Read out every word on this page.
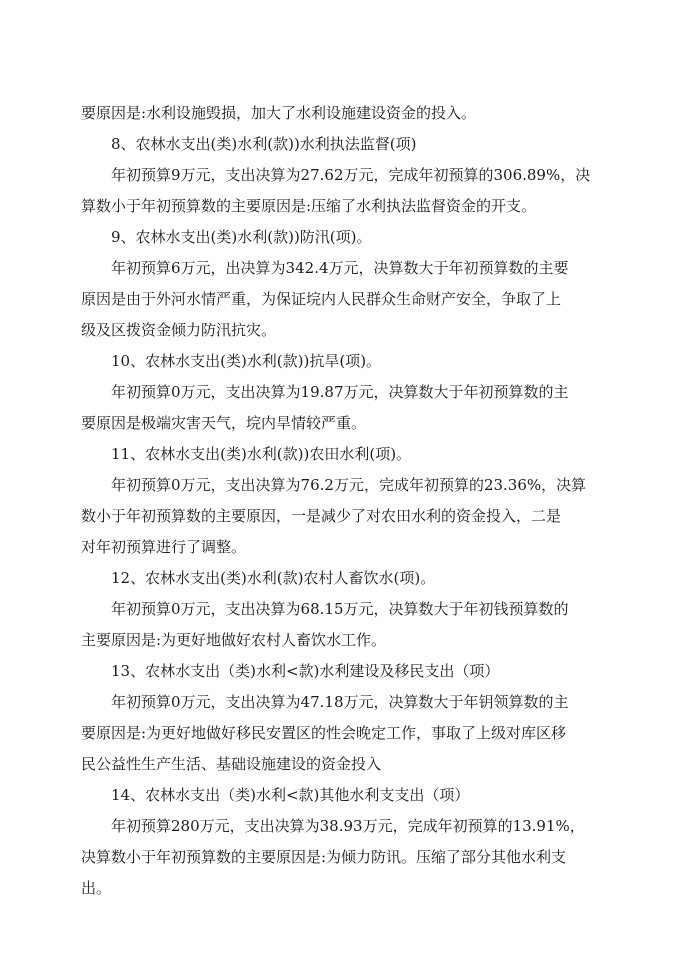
要原因是:水利设施毁损，加大了水利设施建设资金的投入。
8、农林水支出(类)水利(款))水利执法监督(项)
年初预算9万元，支出决算为27.62万元，完成年初预算的306.89%，决
算数小于年初预算数的主要原因是:压缩了水利执法监督资金的开支。
9、农林水支出(类)水利(款))防汛(项)。
年初预算6万元，出决算为342.4万元，决算数大于年初预算数的主要
原因是由于外河水情严重，为保证垸内人民群众生命财产安全，争取了上
级及区拨资金倾力防汛抗灾。
10、农林水支出(类)水利(款))抗旱(项)。
年初预算0万元，支出决算为19.87万元，决算数大于年初预算数的主
要原因是极端灾害天气，垸内旱情较严重。
11、农林水支出(类)水利(款))农田水利(项)。
年初预算0万元，支出决算为76.2万元，完成年初预算的23.36%，决算
数小于年初预算数的主要原因，一是减少了对农田水利的资金投入，二是
对年初预算进行了调整。
12、农林水支出(类)水利(款)农村人畜饮水(项)。
年初预算0万元，支出决算为68.15万元，决算数大于年初钱预算数的
主要原因是:为更好地做好农村人畜饮水工作。
13、农林水支出（类)水利<款)水利建设及移民支出（项）
年初预算0万元，支出决算为47.18万元，决算数大于年钥领算数的主
要原因是:为更好地做好移民安置区的性会晚定工作，事取了上级对库区移
民公益性生产生活、基础设施建设的资金投入
14、农林水支出（类)水利<款)其他水利支支出（项）
年初预算280万元，支出决算为38.93万元，完成年初预算的13.91%，
决算数小于年初预算数的主要原因是:为倾力防讯。压缩了部分其他水利支
出。
